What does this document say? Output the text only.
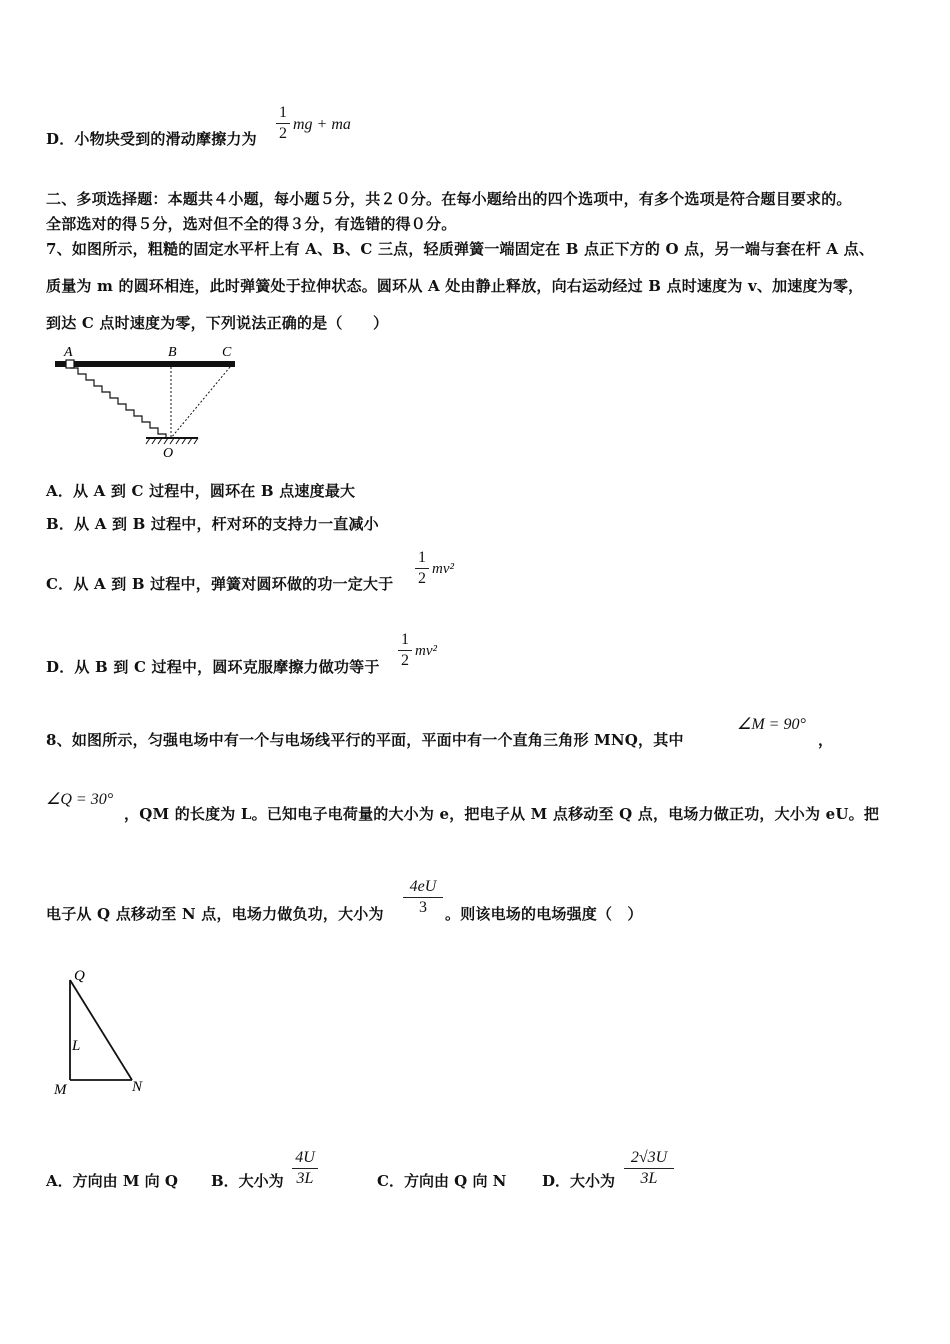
D．小物块受到的滑动摩擦力为
1
2
mg + ma
二、多项选择题：本题共４小题，每小题５分，共２０分。在每小题给出的四个选项中，有多个选项是符合题目要求的。
全部选对的得５分，选对但不全的得３分，有选错的得０分。
7、如图所示，粗糙的固定水平杆上有 A、B、C 三点，轻质弹簧一端固定在 B 点正下方的 O 点，另一端与套在杆 A 点、
质量为 m 的圆环相连，此时弹簧处于拉伸状态。圆环从 A 处由静止释放，向右运动经过 B 点时速度为 v、加速度为零，
到达 C 点时速度为零，下列说法正确的是（　　）
A	B	C
O
A．从 A 到 C 过程中，圆环在 B 点速度最大
B．从 A 到 B 过程中，杆对环的支持力一直减小
C．从 A 到 B 过程中，弹簧对圆环做的功一定大于
1
2
mv²
D．从 B 到 C 过程中，圆环克服摩擦力做功等于
1
2
mv²
8、如图所示，匀强电场中有一个与电场线平行的平面，平面中有一个直角三角形 MNQ，其中
∠M = 90°
，
∠Q = 30°
，QM 的长度为 L。已知电子电荷量的大小为 e，把电子从 M 点移动至 Q 点，电场力做正功，大小为 eU。把
电子从 Q 点移动至 N 点，电场力做负功，大小为
4eU
3	。则该电场的电场强度（　）
Q
L
M	N
A．方向由 M 向 Q B．大小为
4U
3L	C．方向由 Q 向 N D．大小为
2√3U
3L
